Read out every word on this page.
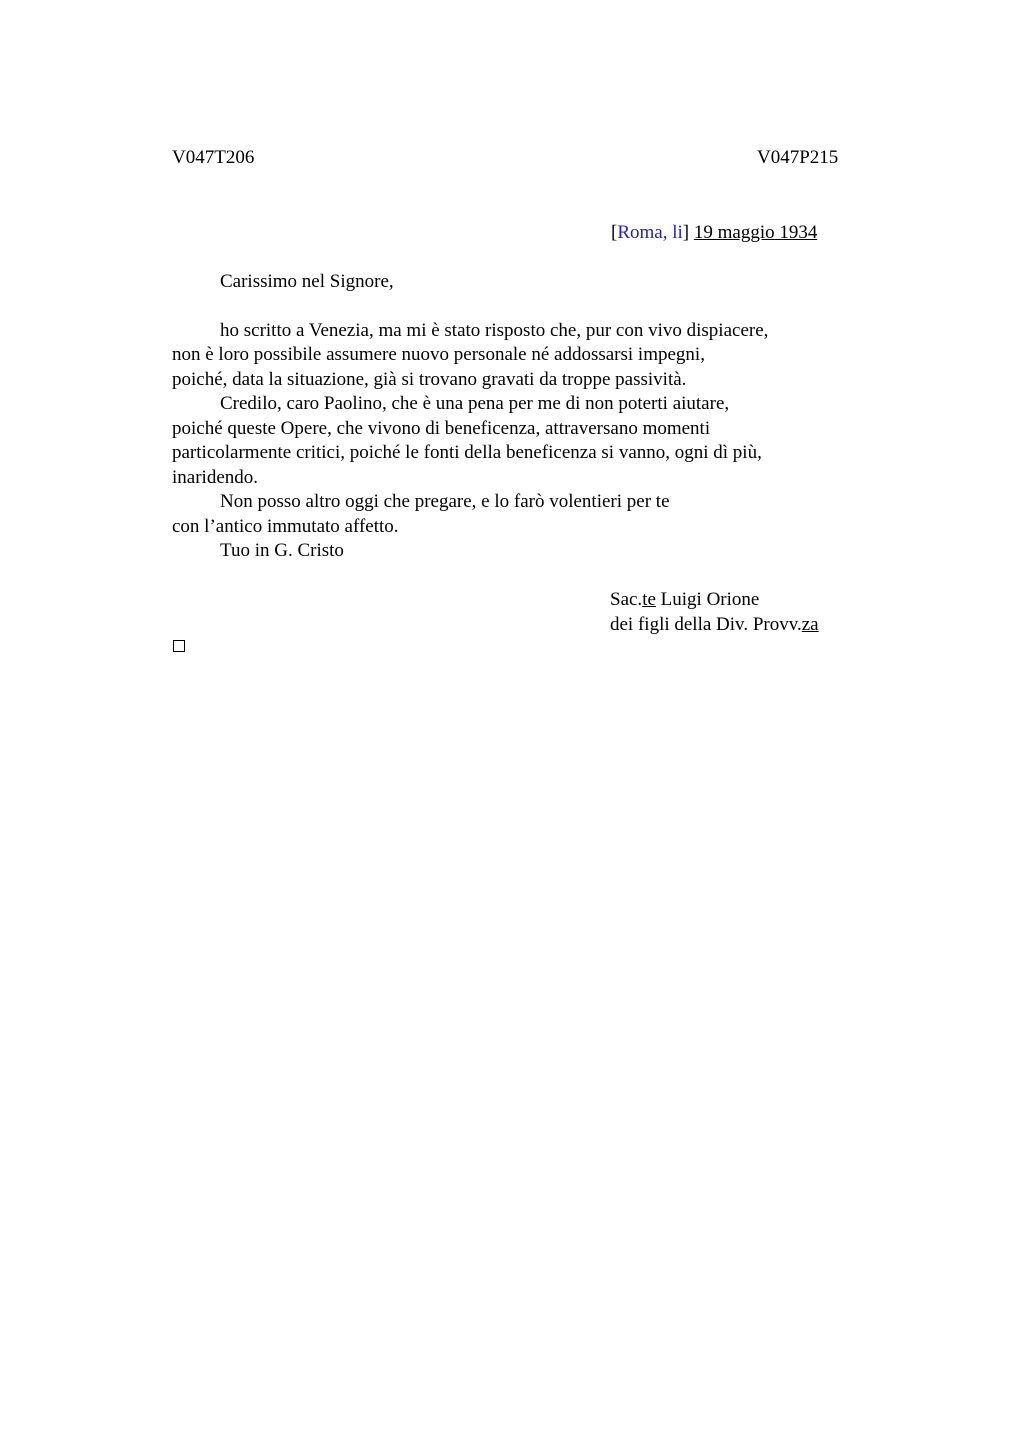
V047T206	V047P215
[Roma, li] 19 maggio 1934
Carissimo nel Signore,
ho scritto a Venezia, ma mi è stato risposto che, pur con vivo dispiacere,
non è loro possibile assumere nuovo personale né addossarsi impegni,
poiché, data la situazione, già si trovano gravati da troppe passività.
Credilo, caro Paolino, che è una pena per me di non poterti aiutare,
poiché queste Opere, che vivono di beneficenza, attraversano momenti
particolarmente critici, poiché le fonti della beneficenza si vanno, ogni dì più,
inaridendo.
Non posso altro oggi che pregare, e lo farò volentieri per te
con l’antico immutato affetto.
Tuo in G. Cristo
Sac.te Luigi Orione
dei figli della Div. Provv.za
